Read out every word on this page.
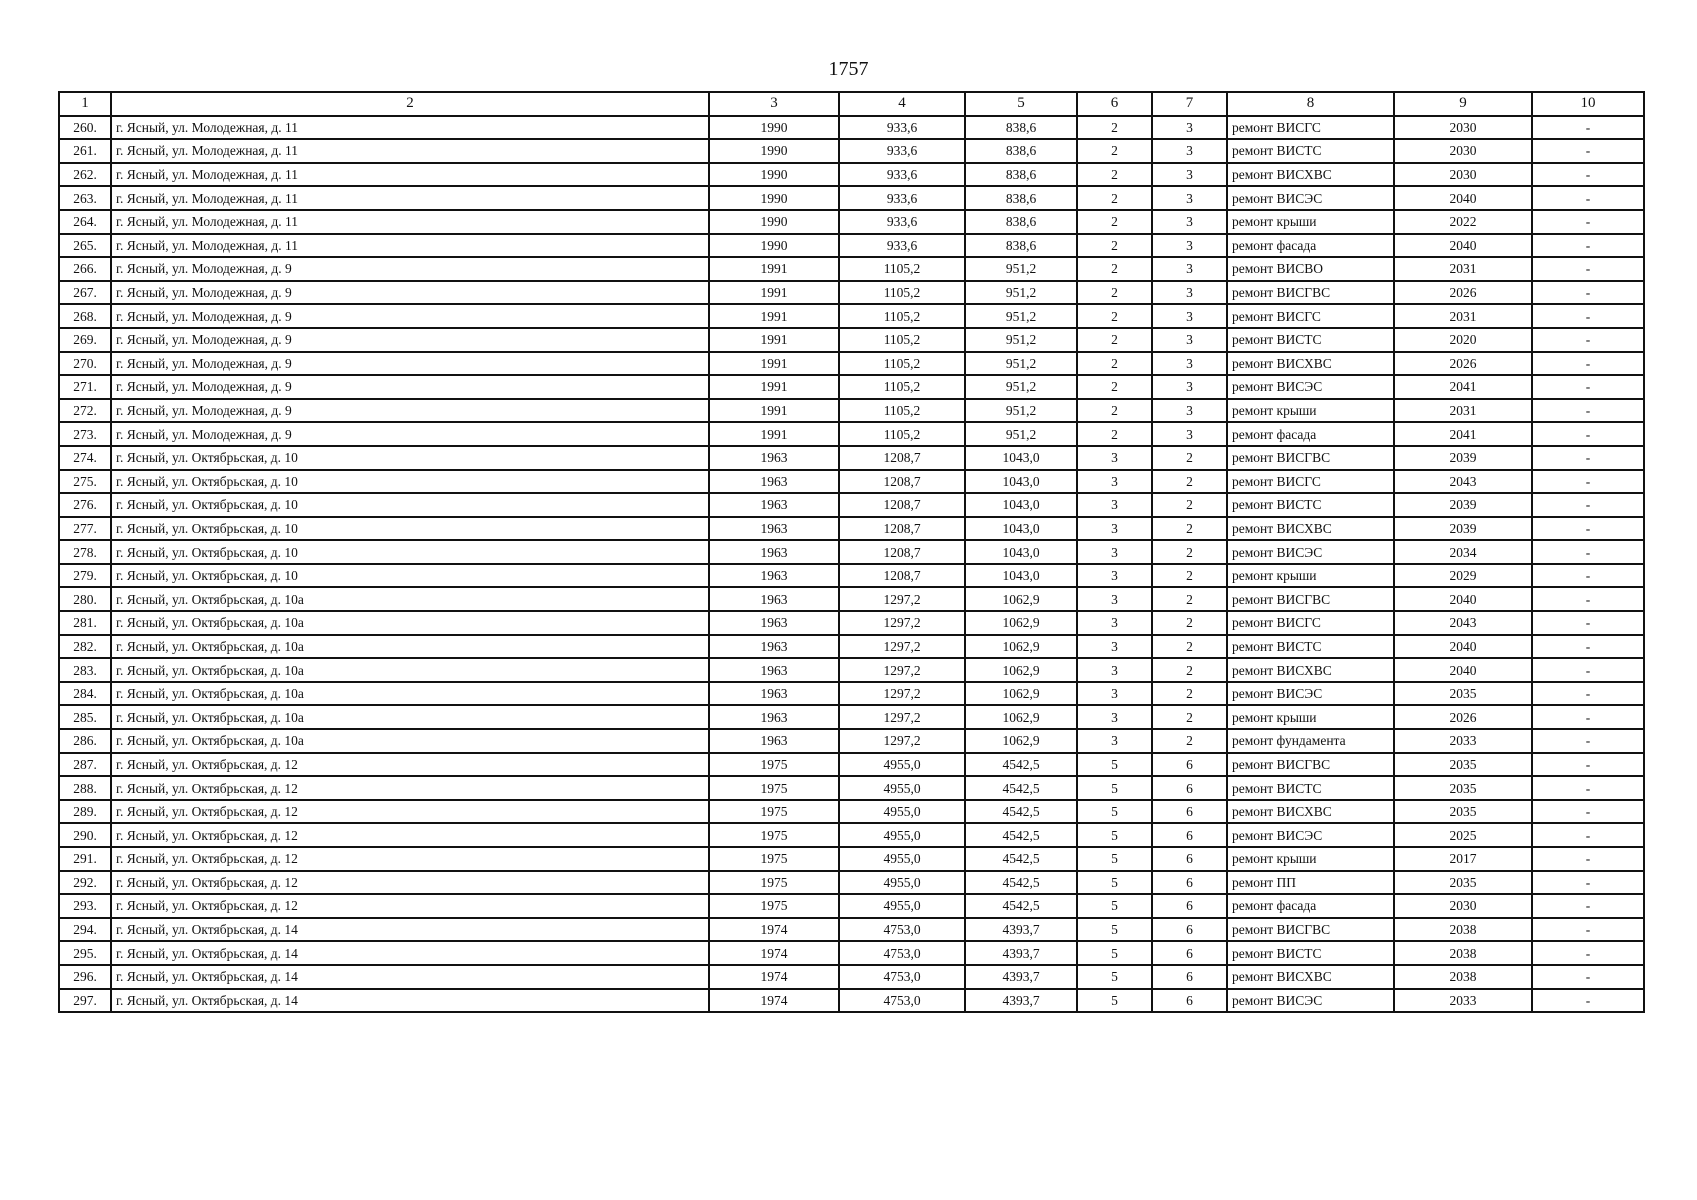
1757
1	2	3	4	5	6	7	8	9	10
260.	г. Ясный, ул. Молодежная, д. 11	1990	933,6	838,6	2	3	ремонт ВИСГС	2030	-
261.	г. Ясный, ул. Молодежная, д. 11	1990	933,6	838,6	2	3	ремонт ВИСТС	2030	-
262.	г. Ясный, ул. Молодежная, д. 11	1990	933,6	838,6	2	3	ремонт ВИСХВС	2030	-
263.	г. Ясный, ул. Молодежная, д. 11	1990	933,6	838,6	2	3	ремонт ВИСЭС	2040	-
264.	г. Ясный, ул. Молодежная, д. 11	1990	933,6	838,6	2	3	ремонт крыши	2022	-
265.	г. Ясный, ул. Молодежная, д. 11	1990	933,6	838,6	2	3	ремонт фасада	2040	-
266.	г. Ясный, ул. Молодежная, д. 9	1991	1105,2	951,2	2	3	ремонт ВИСВО	2031	-
267.	г. Ясный, ул. Молодежная, д. 9	1991	1105,2	951,2	2	3	ремонт ВИСГВС	2026	-
268.	г. Ясный, ул. Молодежная, д. 9	1991	1105,2	951,2	2	3	ремонт ВИСГС	2031	-
269.	г. Ясный, ул. Молодежная, д. 9	1991	1105,2	951,2	2	3	ремонт ВИСТС	2020	-
270.	г. Ясный, ул. Молодежная, д. 9	1991	1105,2	951,2	2	3	ремонт ВИСХВС	2026	-
271.	г. Ясный, ул. Молодежная, д. 9	1991	1105,2	951,2	2	3	ремонт ВИСЭС	2041	-
272.	г. Ясный, ул. Молодежная, д. 9	1991	1105,2	951,2	2	3	ремонт крыши	2031	-
273.	г. Ясный, ул. Молодежная, д. 9	1991	1105,2	951,2	2	3	ремонт фасада	2041	-
274.	г. Ясный, ул. Октябрьская, д. 10	1963	1208,7	1043,0	3	2	ремонт ВИСГВС	2039	-
275.	г. Ясный, ул. Октябрьская, д. 10	1963	1208,7	1043,0	3	2	ремонт ВИСГС	2043	-
276.	г. Ясный, ул. Октябрьская, д. 10	1963	1208,7	1043,0	3	2	ремонт ВИСТС	2039	-
277.	г. Ясный, ул. Октябрьская, д. 10	1963	1208,7	1043,0	3	2	ремонт ВИСХВС	2039	-
278.	г. Ясный, ул. Октябрьская, д. 10	1963	1208,7	1043,0	3	2	ремонт ВИСЭС	2034	-
279.	г. Ясный, ул. Октябрьская, д. 10	1963	1208,7	1043,0	3	2	ремонт крыши	2029	-
280.	г. Ясный, ул. Октябрьская, д. 10а	1963	1297,2	1062,9	3	2	ремонт ВИСГВС	2040	-
281.	г. Ясный, ул. Октябрьская, д. 10а	1963	1297,2	1062,9	3	2	ремонт ВИСГС	2043	-
282.	г. Ясный, ул. Октябрьская, д. 10а	1963	1297,2	1062,9	3	2	ремонт ВИСТС	2040	-
283.	г. Ясный, ул. Октябрьская, д. 10а	1963	1297,2	1062,9	3	2	ремонт ВИСХВС	2040	-
284.	г. Ясный, ул. Октябрьская, д. 10а	1963	1297,2	1062,9	3	2	ремонт ВИСЭС	2035	-
285.	г. Ясный, ул. Октябрьская, д. 10а	1963	1297,2	1062,9	3	2	ремонт крыши	2026	-
286.	г. Ясный, ул. Октябрьская, д. 10а	1963	1297,2	1062,9	3	2	ремонт фундамента	2033	-
287.	г. Ясный, ул. Октябрьская, д. 12	1975	4955,0	4542,5	5	6	ремонт ВИСГВС	2035	-
288.	г. Ясный, ул. Октябрьская, д. 12	1975	4955,0	4542,5	5	6	ремонт ВИСТС	2035	-
289.	г. Ясный, ул. Октябрьская, д. 12	1975	4955,0	4542,5	5	6	ремонт ВИСХВС	2035	-
290.	г. Ясный, ул. Октябрьская, д. 12	1975	4955,0	4542,5	5	6	ремонт ВИСЭС	2025	-
291.	г. Ясный, ул. Октябрьская, д. 12	1975	4955,0	4542,5	5	6	ремонт крыши	2017	-
292.	г. Ясный, ул. Октябрьская, д. 12	1975	4955,0	4542,5	5	6	ремонт ПП	2035	-
293.	г. Ясный, ул. Октябрьская, д. 12	1975	4955,0	4542,5	5	6	ремонт фасада	2030	-
294.	г. Ясный, ул. Октябрьская, д. 14	1974	4753,0	4393,7	5	6	ремонт ВИСГВС	2038	-
295.	г. Ясный, ул. Октябрьская, д. 14	1974	4753,0	4393,7	5	6	ремонт ВИСТС	2038	-
296.	г. Ясный, ул. Октябрьская, д. 14	1974	4753,0	4393,7	5	6	ремонт ВИСХВС	2038	-
297.	г. Ясный, ул. Октябрьская, д. 14	1974	4753,0	4393,7	5	6	ремонт ВИСЭС	2033	-
